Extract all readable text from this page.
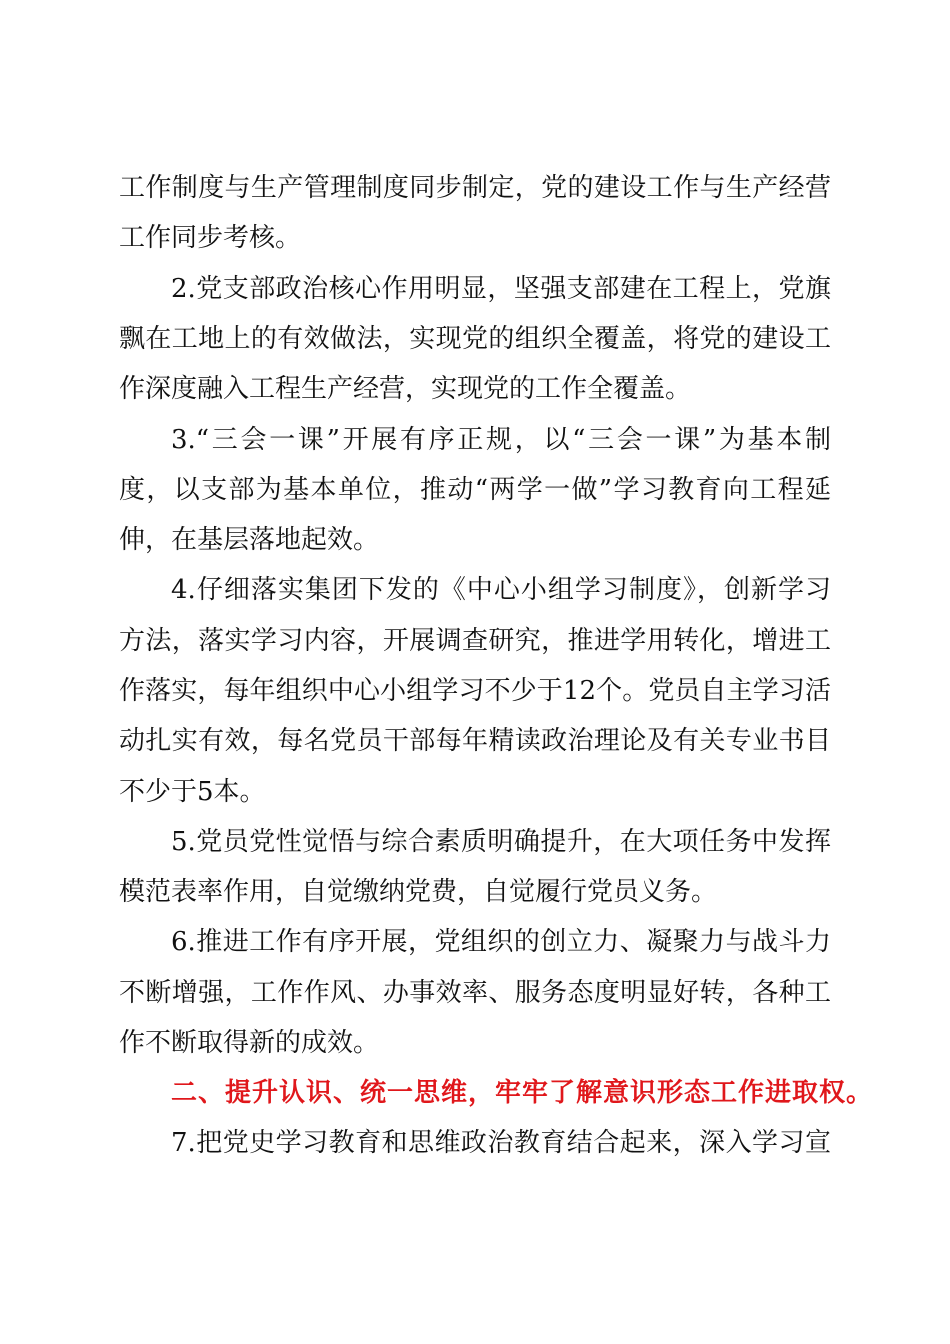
工作制度与生产管理制度同步制定，党的建设工作与生产经营
工作同步考核。
2.党支部政治核心作用明显，坚强支部建在工程上，党旗
飘在工地上的有效做法，实现党的组织全覆盖，将党的建设工
作深度融入工程生产经营，实现党的工作全覆盖。
3.“三会一课”开展有序正规，以“三会一课”为基本制
度，以支部为基本单位，推动“两学一做”学习教育向工程延
伸，在基层落地起效。
4.仔细落实集团下发的《中心小组学习制度》，创新学习
方法，落实学习内容，开展调查研究，推进学用转化，增进工
作落实，每年组织中心小组学习不少于12个。党员自主学习活
动扎实有效，每名党员干部每年精读政治理论及有关专业书目
不少于5本。
5.党员党性觉悟与综合素质明确提升，在大项任务中发挥
模范表率作用，自觉缴纳党费，自觉履行党员义务。
6.推进工作有序开展，党组织的创立力、凝聚力与战斗力
不断增强，工作作风、办事效率、服务态度明显好转，各种工
作不断取得新的成效。
二、提升认识、统一思维，牢牢了解意识形态工作进取权。
7.把党史学习教育和思维政治教育结合起来，深入学习宣
